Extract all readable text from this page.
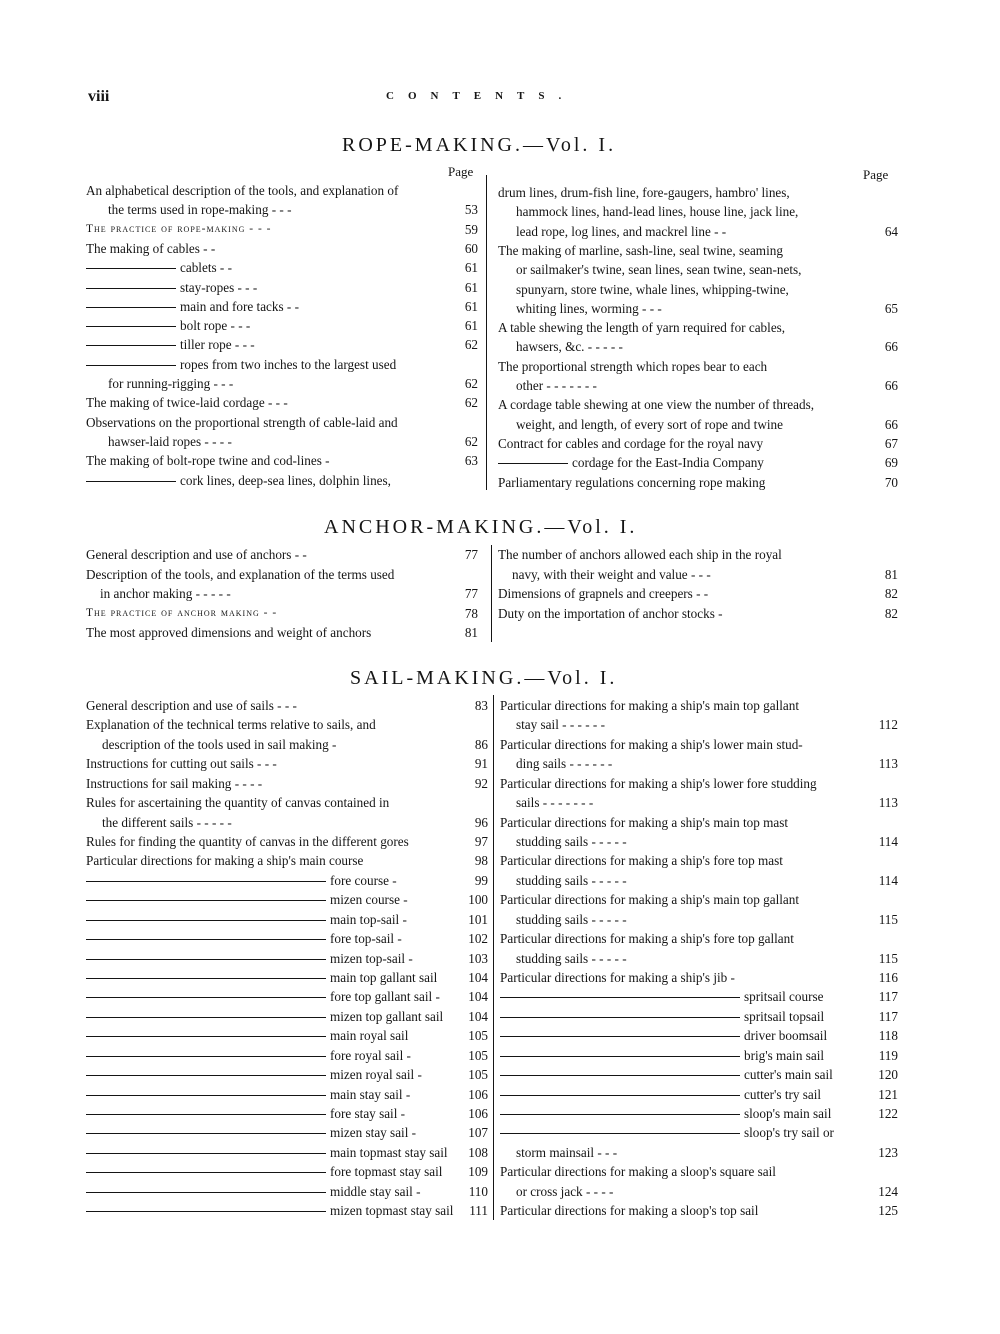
viii	CONTENTS.
ROPE-MAKING.—Vol. I.
Page	Page
An alphabetical description of the tools, and explanation of
the terms used in rope-making - - -	53
The practice of rope-making - - -	59
The making of cables - -	60
cablets - -	61
stay-ropes - - -	61
main and fore tacks - -	61
bolt rope - - -	61
tiller rope - - -	62
ropes from two inches to the largest used
for running-rigging - - -	62
The making of twice-laid cordage - - -	62
Observations on the proportional strength of cable-laid and
hawser-laid ropes - - - -	62
The making of bolt-rope twine and cod-lines -	63
cork lines, deep-sea lines, dolphin lines,
drum lines, drum-fish line, fore-gaugers, hambro' lines,
hammock lines, hand-lead lines, house line, jack line,
lead rope, log lines, and mackrel line - -	64
The making of marline, sash-line, seal twine, seaming
or sailmaker's twine, sean lines, sean twine, sean-nets,
spunyarn, store twine, whale lines, whipping-twine,
whiting lines, worming - - -	65
A table shewing the length of yarn required for cables,
hawsers, &c. - - - - -	66
The proportional strength which ropes bear to each
other - - - - - - -	66
A cordage table shewing at one view the number of threads,
weight, and length, of every sort of rope and twine	66
Contract for cables and cordage for the royal navy	67
cordage for the East-India Company	69
Parliamentary regulations concerning rope making	70
ANCHOR-MAKING.—Vol. I.
General description and use of anchors - -	77
Description of the tools, and explanation of the terms used
in anchor making - - - - -	77
The practice of anchor making - -	78
The most approved dimensions and weight of anchors	81
The number of anchors allowed each ship in the royal
navy, with their weight and value - - -	81
Dimensions of grapnels and creepers - -	82
Duty on the importation of anchor stocks -	82
SAIL-MAKING.—Vol. I.
General description and use of sails - - -	83
Explanation of the technical terms relative to sails, and
description of the tools used in sail making -	86
Instructions for cutting out sails - - -	91
Instructions for sail making - - - -	92
Rules for ascertaining the quantity of canvas contained in
the different sails - - - - -	96
Rules for finding the quantity of canvas in the different gores	97
Particular directions for making a ship's main course	98
fore course -	99
mizen course -	100
main top-sail -	101
fore top-sail -	102
mizen top-sail -	103
main top gallant sail 104
fore top gallant sail - 104
mizen top gallant sail 104
main royal sail	105
fore royal sail -	105
mizen royal sail -	105
main stay sail -	106
fore stay sail -	106
mizen stay sail -	107
main topmast stay sail 108
fore topmast stay sail 109
middle stay sail -	110
mizen topmast stay sail 111
Particular directions for making a ship's main top gallant
stay sail - - - - - -	112
Particular directions for making a ship's lower main stud-
ding sails - - - - - -	113
Particular directions for making a ship's lower fore studding
sails - - - - - - -	113
Particular directions for making a ship's main top mast
studding sails - - - - -	114
Particular directions for making a ship's fore top mast
studding sails - - - - -	114
Particular directions for making a ship's main top gallant
studding sails - - - - -	115
Particular directions for making a ship's fore top gallant
studding sails - - - - -	115
Particular directions for making a ship's jib -	116
spritsail course	117
spritsail topsail	117
driver boomsail	118
brig's main sail	119
cutter's main sail	120
cutter's try sail	121
sloop's main sail	122
sloop's try sail or
storm mainsail - - -	123
Particular directions for making a sloop's square sail
or cross jack - - - -	124
Particular directions for making a sloop's top sail	125
